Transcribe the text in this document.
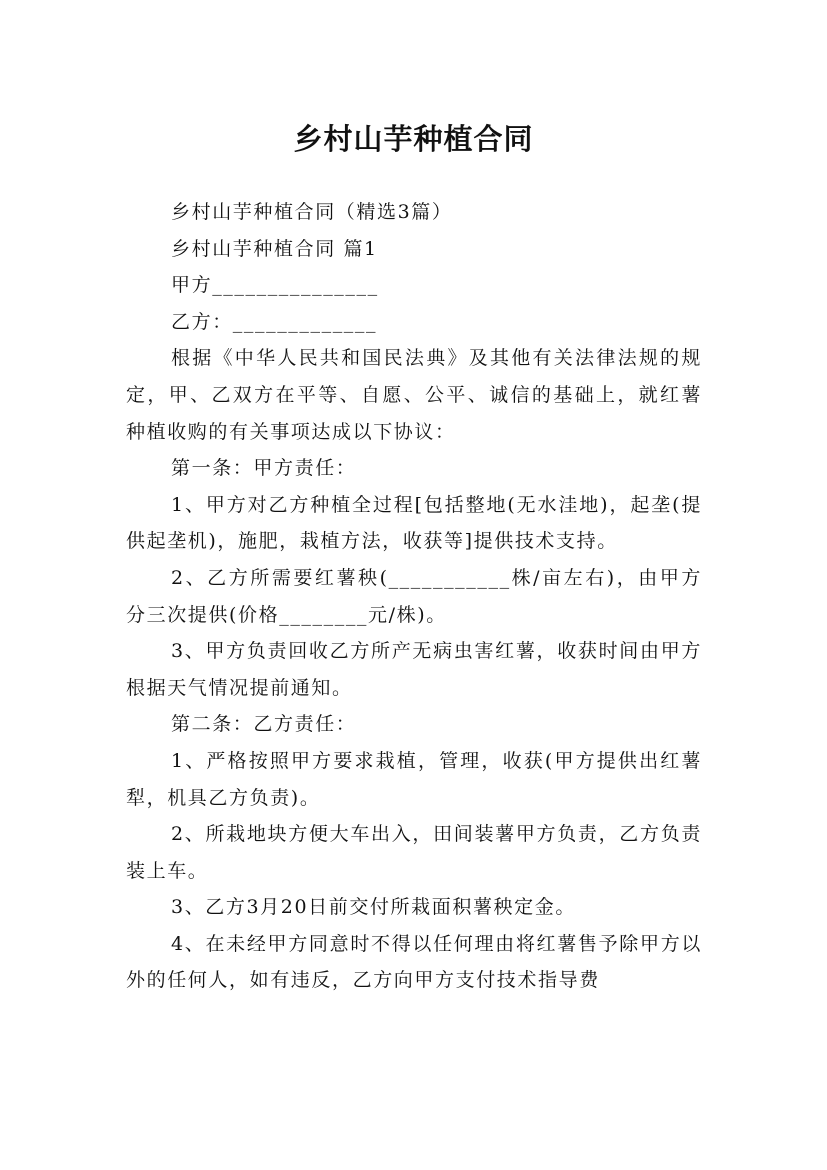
乡村山芋种植合同

乡村山芋种植合同（精选3篇）

乡村山芋种植合同 篇1

甲方_______________

乙方：_____________

根据《中华人民共和国民法典》及其他有关法律法规的规定，甲、乙双方在平等、自愿、公平、诚信的基础上，就红薯种植收购的有关事项达成以下协议：

第一条：甲方责任：

1、甲方对乙方种植全过程[包括整地(无水洼地)，起垄(提供起垄机)，施肥，栽植方法，收获等]提供技术支持。

2、乙方所需要红薯秧(___________株/亩左右)，由甲方分三次提供(价格________元/株)。

3、甲方负责回收乙方所产无病虫害红薯，收获时间由甲方根据天气情况提前通知。

第二条：乙方责任：

1、严格按照甲方要求栽植，管理，收获(甲方提供出红薯犁，机具乙方负责)。

2、所栽地块方便大车出入，田间装薯甲方负责，乙方负责装上车。

3、乙方3月20日前交付所栽面积薯秧定金。

4、在未经甲方同意时不得以任何理由将红薯售予除甲方以外的任何人，如有违反，乙方向甲方支付技术指导费
